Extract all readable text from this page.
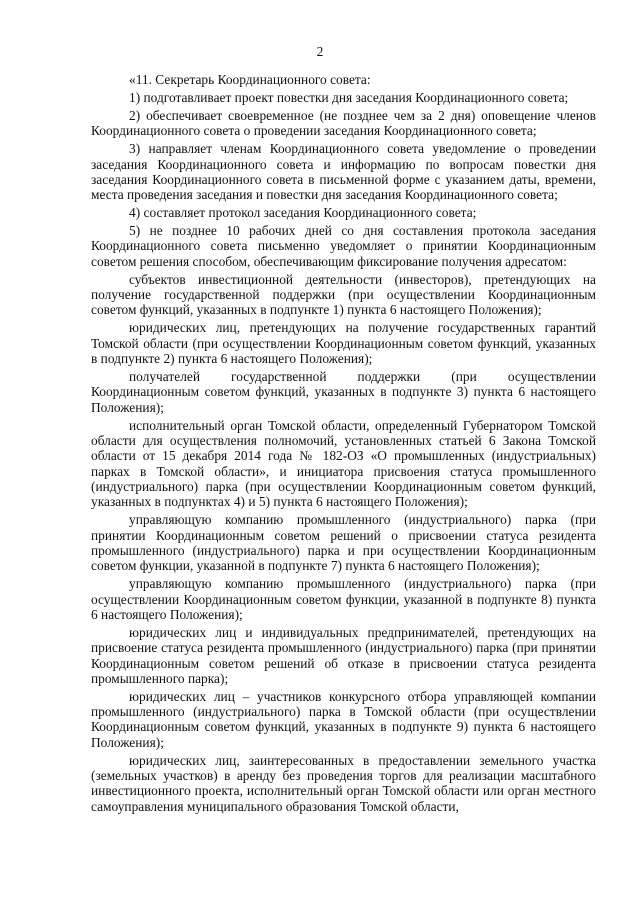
2

«11. Секретарь Координационного совета:

1) подготавливает проект повестки дня заседания Координационного совета;

2) обеспечивает своевременное (не позднее чем за 2 дня) оповещение членов Координационного совета о проведении заседания Координационного совета;

3) направляет членам Координационного совета уведомление о проведении заседания Координационного совета и информацию по вопросам повестки дня заседания Координационного совета в письменной форме с указанием даты, времени, места проведения заседания и повестки дня заседания Координационного совета;

4) составляет протокол заседания Координационного совета;

5) не позднее 10 рабочих дней со дня составления протокола заседания Координационного совета письменно уведомляет о принятии Координационным советом решения способом, обеспечивающим фиксирование получения адресатом:

субъектов инвестиционной деятельности (инвесторов), претендующих на получение государственной поддержки (при осуществлении Координационным советом функций, указанных в подпункте 1) пункта 6 настоящего Положения);

юридических лиц, претендующих на получение государственных гарантий Томской области (при осуществлении Координационным советом функций, указанных в подпункте 2) пункта 6 настоящего Положения);

получателей государственной поддержки (при осуществлении Координационным советом функций, указанных в подпункте 3) пункта 6 настоящего Положения);

исполнительный орган Томской области, определенный Губернатором Томской области для осуществления полномочий, установленных статьей 6 Закона Томской области от 15 декабря 2014 года № 182-ОЗ «О промышленных (индустриальных) парках в Томской области», и инициатора присвоения статуса промышленного (индустриального) парка (при осуществлении Координационным советом функций, указанных в подпунктах 4) и 5) пункта 6 настоящего Положения);

управляющую компанию промышленного (индустриального) парка (при принятии Координационным советом решений о присвоении статуса резидента промышленного (индустриального) парка и при осуществлении Координационным советом функции, указанной в подпункте 7) пункта 6 настоящего Положения);

управляющую компанию промышленного (индустриального) парка (при осуществлении Координационным советом функции, указанной в подпункте 8) пункта 6 настоящего Положения);

юридических лиц и индивидуальных предпринимателей, претендующих на присвоение статуса резидента промышленного (индустриального) парка (при принятии Координационным советом решений об отказе в присвоении статуса резидента промышленного парка);

юридических лиц – участников конкурсного отбора управляющей компании промышленного (индустриального) парка в Томской области (при осуществлении Координационным советом функций, указанных в подпункте 9) пункта 6 настоящего Положения);

юридических лиц, заинтересованных в предоставлении земельного участка (земельных участков) в аренду без проведения торгов для реализации масштабного инвестиционного проекта, исполнительный орган Томской области или орган местного самоуправления муниципального образования Томской области,
